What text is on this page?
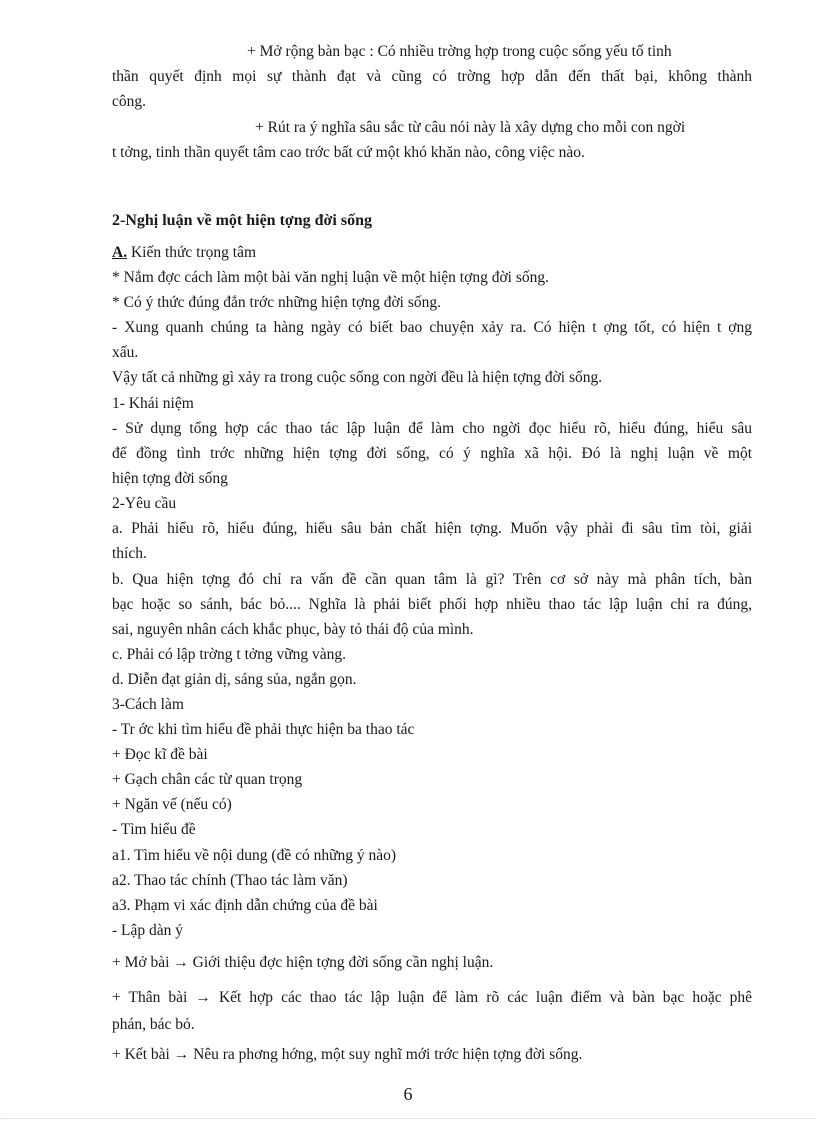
+ Mở rộng bàn bạc : Có nhiều trờng hợp trong cuộc sống yếu tố tinh
thần quyết định mọi sự thành đạt và cũng có trờng hợp dẫn đến thất bại, không thành
công.
+ Rút ra ý nghĩa sâu sắc từ câu nói này là xây dựng cho mỗi con ngời
t tởng, tinh thần quyết tâm cao trớc bất cứ một khó khăn nào, công việc nào.
2-Nghị luận về một hiện tợng đời sống
A. Kiến thức trọng tâm
* Nắm đợc cách làm một bài văn nghị luận về một hiện tợng đời sống.
* Có ý thức đúng đắn trớc những hiện tợng đời sống.
- Xung quanh chúng ta hàng ngày có biết bao chuyện xảy ra. Có hiện t ợng tốt, có hiện t ợng
xấu.
Vậy tất cả những gì xảy ra trong cuộc sống con ngời đều là hiện tợng đời sống.
1- Khái niệm
- Sử dụng tổng hợp các thao tác lập luận để làm cho ngời đọc hiểu rõ, hiểu đúng, hiểu sâu
để đồng tình trớc những hiện tợng đời sống, có ý nghĩa xã hội. Đó là nghị luận về một
hiện tợng đời sống
2-Yêu cầu
a. Phải hiểu rõ, hiểu đúng, hiểu sâu bản chất hiện tợng. Muốn vậy phải đi sâu tìm tòi, giải
thích.
b. Qua hiện tợng đó chỉ ra vấn đề cần quan tâm là gì? Trên cơ sở này mà phân tích, bàn
bạc hoặc so sánh, bác bỏ.... Nghĩa là phải biết phối hợp nhiều thao tác lập luận chỉ ra đúng,
sai, nguyên nhân cách khắc phục, bày tỏ thái độ của mình.
c. Phải có lập trờng t tởng vững vàng.
d. Diễn đạt giản dị, sáng sủa, ngắn gọn.
3-Cách làm
- Tr ớc khi tìm hiểu đề phải thực hiện ba thao tác
+ Đọc kĩ đề bài
+ Gạch chân các từ quan trọng
+ Ngăn vế (nếu có)
- Tìm hiểu đề
a1. Tìm hiểu về nội dung (đề có những ý nào)
a2. Thao tác chính (Thao tác làm văn)
a3. Phạm vi xác định dẫn chứng của đề bài
- Lập dàn ý
+ Mở bài → Giới thiệu đợc hiện tợng đời sống cần nghị luận.
+ Thân bài → Kết hợp các thao tác lập luận để làm rõ các luận điểm và bàn bạc hoặc phê
phán, bác bỏ.
+ Kết bài → Nêu ra phơng hớng, một suy nghĩ mới trớc hiện tợng đời sống.
6
